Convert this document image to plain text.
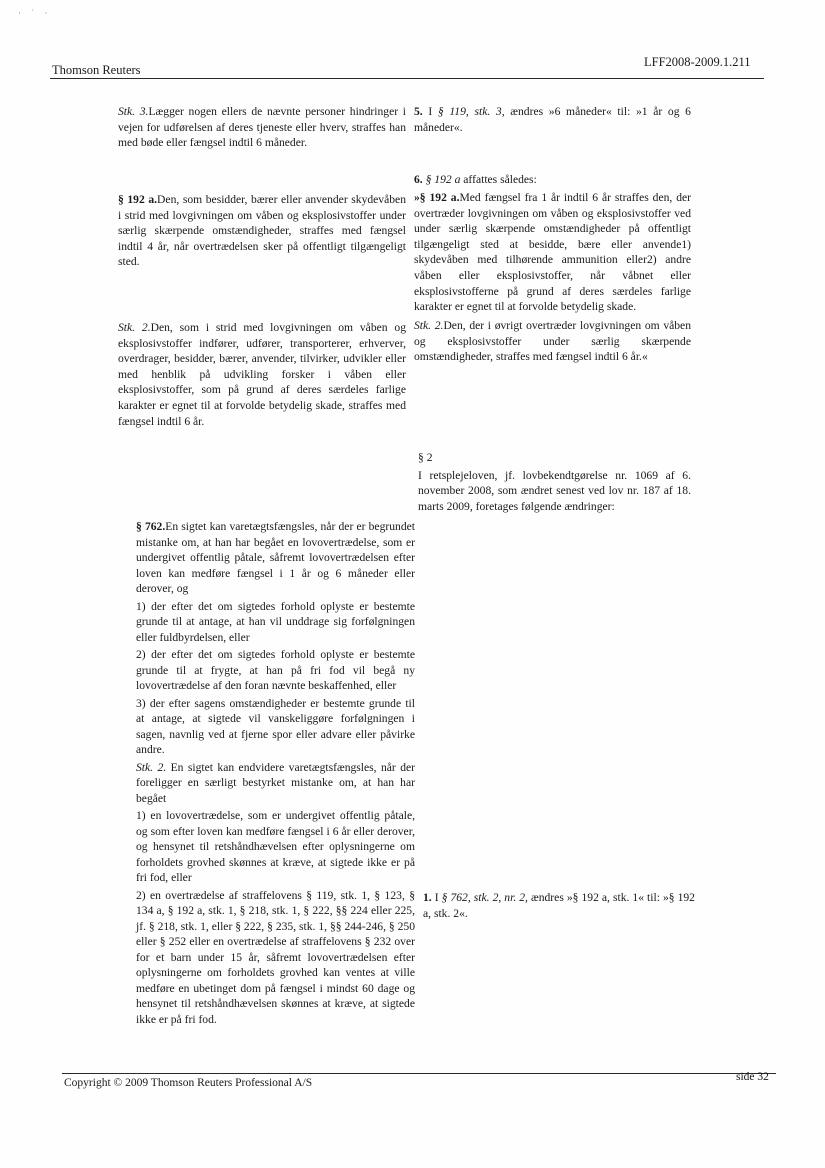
· ˙ ·
Thomson Reuters
LFF2008-2009.1.211

Stk. 3.Lægger nogen ellers de nævnte personer hindringer i vejen for udførelsen af deres tjeneste eller hverv, straffes han med bøde eller fængsel indtil 6 måneder.

5. I § 119, stk. 3, ændres »6 måneder« til: »1 år og 6 måneder«.

6. § 192 a affattes således:

§ 192 a.Den, som besidder, bærer eller anvender skydevåben i strid med lovgivningen om våben og eksplosivstoffer under særlig skærpende omstændigheder, straffes med fængsel indtil 4 år, når overtrædelsen sker på offentligt tilgængeligt sted.

»§ 192 a.Med fængsel fra 1 år indtil 6 år straffes den, der overtræder lovgivningen om våben og eksplosivstoffer ved under særlig skærpende omstændigheder på offentligt tilgængeligt sted at besidde, bære eller anvende1) skydevåben med tilhørende ammunition eller2) andre våben eller eksplosivstoffer, når våbnet eller eksplosivstofferne på grund af deres særdeles farlige karakter er egnet til at forvolde betydelig skade.

Stk. 2.Den, som i strid med lovgivningen om våben og eksplosivstoffer indfører, udfører, transporterer, erhverver, overdrager, besidder, bærer, anvender, tilvirker, udvikler eller med henblik på udvikling forsker i våben eller eksplosivstoffer, som på grund af deres særdeles farlige karakter er egnet til at forvolde betydelig skade, straffes med fængsel indtil 6 år.

Stk. 2.Den, der i øvrigt overtræder lovgivningen om våben og eksplosivstoffer under særlig skærpende omstændigheder, straffes med fængsel indtil 6 år.«

§ 2

I retsplejeloven, jf. lovbekendtgørelse nr. 1069 af 6. november 2008, som ændret senest ved lov nr. 187 af 18. marts 2009, foretages følgende ændringer:

§ 762.En sigtet kan varetægtsfængsles, når der er begrundet mistanke om, at han har begået en lovovertrædelse, som er undergivet offentlig påtale, såfremt lovovertrædelsen efter loven kan medføre fængsel i 1 år og 6 måneder eller derover, og

1) der efter det om sigtedes forhold oplyste er bestemte grunde til at antage, at han vil unddrage sig forfølgningen eller fuldbyrdelsen, eller

2) der efter det om sigtedes forhold oplyste er bestemte grunde til at frygte, at han på fri fod vil begå ny lovovertrædelse af den foran nævnte beskaffenhed, eller

3) der efter sagens omstændigheder er bestemte grunde til at antage, at sigtede vil vanskeliggøre forfølgningen i sagen, navnlig ved at fjerne spor eller advare eller påvirke andre.

Stk. 2. En sigtet kan endvidere varetægtsfængsles, når der foreligger en særligt bestyrket mistanke om, at han har begået

1) en lovovertrædelse, som er undergivet offentlig påtale, og som efter loven kan medføre fængsel i 6 år eller derover, og hensynet til retshåndhævelsen efter oplysningerne om forholdets grovhed skønnes at kræve, at sigtede ikke er på fri fod, eller

2) en overtrædelse af straffelovens § 119, stk. 1, § 123, § 134 a, § 192 a, stk. 1, § 218, stk. 1, § 222, §§ 224 eller 225, jf. § 218, stk. 1, eller § 222, § 235, stk. 1, §§ 244-246, § 250 eller § 252 eller en overtrædelse af straffelovens § 232 over for et barn under 15 år, såfremt lovovertrædelsen efter oplysningerne om forholdets grovhed kan ventes at ville medføre en ubetinget dom på fængsel i mindst 60 dage og hensynet til retshåndhævelsen skønnes at kræve, at sigtede ikke er på fri fod.

1. I § 762, stk. 2, nr. 2, ændres »§ 192 a, stk. 1« til: »§ 192 a, stk. 2«.

Copyright © 2009 Thomson Reuters Professional A/S	side 32
